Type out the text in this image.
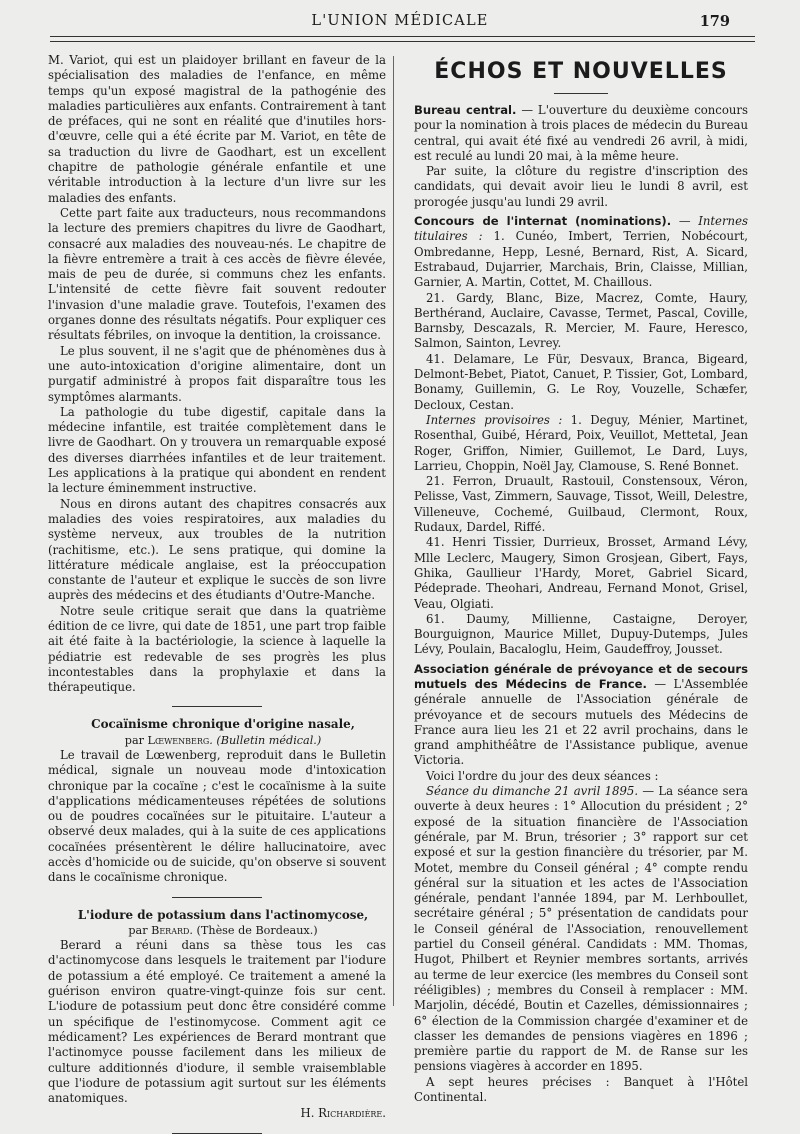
L'UNION MÉDICALE	179

M. Variot, qui est un plaidoyer brillant en faveur de la spécialisation des maladies de l'enfance, en même temps qu'un exposé magistral de la pathogénie des maladies particulières aux enfants. Contrairement à tant de préfaces, qui ne sont en réalité que d'inutiles hors-d'œuvre, celle qui a été écrite par M. Variot, en tête de sa traduction du livre de Gaodhart, est un excellent chapitre de pathologie générale enfantile et une véritable introduction à la lecture d'un livre sur les maladies des enfants.

Cette part faite aux traducteurs, nous recommandons la lecture des premiers chapitres du livre de Gaodhart, consacré aux maladies des nouveau-nés. Le chapitre de la fièvre entremère a trait à ces accès de fièvre élevée, mais de peu de durée, si communs chez les enfants. L'intensité de cette fièvre fait souvent redouter l'invasion d'une maladie grave. Toutefois, l'examen des organes donne des résultats négatifs. Pour expliquer ces résultats fébriles, on invoque la dentition, la croissance.

Le plus souvent, il ne s'agit que de phénomènes dus à une auto-intoxication d'origine alimentaire, dont un purgatif administré à propos fait disparaître tous les symptômes alarmants.

La pathologie du tube digestif, capitale dans la médecine infantile, est traitée complètement dans le livre de Gaodhart. On y trouvera un remarquable exposé des diverses diarrhées infantiles et de leur traitement. Les applications à la pratique qui abondent en rendent la lecture éminemment instructive.

Nous en dirons autant des chapitres consacrés aux maladies des voies respiratoires, aux maladies du système nerveux, aux troubles de la nutrition (rachitisme, etc.). Le sens pratique, qui domine la littérature médicale anglaise, est la préoccupation constante de l'auteur et explique le succès de son livre auprès des médecins et des étudiants d'Outre-Manche.

Notre seule critique serait que dans la quatrième édition de ce livre, qui date de 1851, une part trop faible ait été faite à la bactériologie, la science à laquelle la pédiatrie est redevable de ses progrès les plus incontestables dans la prophylaxie et dans la thérapeutique.

Cocaïnisme chronique d'origine nasale,

par Lœwenberg. (Bulletin médical.)

Le travail de Lœwenberg, reproduit dans le Bulletin médical, signale un nouveau mode d'intoxication chronique par la cocaïne ; c'est le cocaïnisme à la suite d'applications médicamenteuses répétées de solutions ou de poudres cocaïnées sur le pituitaire. L'auteur a observé deux malades, qui à la suite de ces applications cocaïnées présentèrent le délire hallucinatoire, avec accès d'homicide ou de suicide, qu'on observe si souvent dans le cocaïnisme chronique.

L'iodure de potassium dans l'actinomycose,

par Berard. (Thèse de Bordeaux.)

Berard a réuni dans sa thèse tous les cas d'actinomycose dans lesquels le traitement par l'iodure de potassium a été employé. Ce traitement a amené la guérison environ quatre-vingt-quinze fois sur cent. L'iodure de potassium peut donc être considéré comme un spécifique de l'estinomycose. Comment agit ce médicament? Les expériences de Berard montrant que l'actinomyce pousse facilement dans les milieux de culture additionnés d'iodure, il semble vraisemblable que l'iodure de potassium agit surtout sur les éléments anatomiques.

H. Richardière.

ÉCHOS ET NOUVELLES

Bureau central. — L'ouverture du deuxième concours pour la nomination à trois places de médecin du Bureau central, qui avait été fixé au vendredi 26 avril, à midi, est reculé au lundi 20 mai, à la même heure.

Par suite, la clôture du registre d'inscription des candidats, qui devait avoir lieu le lundi 8 avril, est prorogée jusqu'au lundi 29 avril.

Concours de l'internat (nominations). — Internes titulaires : 1. Cunéo, Imbert, Terrien, Nobécourt, Ombredanne, Hepp, Lesné, Bernard, Rist, A. Sicard, Estrabaud, Dujarrier, Marchais, Brin, Claisse, Millian, Garnier, A. Martin, Cottet, M. Chaillous.

21. Gardy, Blanc, Bize, Macrez, Comte, Haury, Berthérand, Auclaire, Cavasse, Termet, Pascal, Coville, Barnsby, Descazals, R. Mercier, M. Faure, Heresco, Salmon, Sainton, Levrey.

41. Delamare, Le Für, Desvaux, Branca, Bigeard, Delmont-Bebet, Piatot, Canuet, P. Tissier, Got, Lombard, Bonamy, Guillemin, G. Le Roy, Vouzelle, Schæfer, Decloux, Cestan.

Internes provisoires : 1. Deguy, Ménier, Martinet, Rosenthal, Guibé, Hérard, Poix, Veuillot, Mettetal, Jean Roger, Griffon, Nimier, Guillemot, Le Dard, Luys, Larrieu, Choppin, Noël Jay, Clamouse, S. René Bonnet.

21. Ferron, Druault, Rastouil, Constensoux, Véron, Pelisse, Vast, Zimmern, Sauvage, Tissot, Weill, Delestre, Villeneuve, Cochemé, Guilbaud, Clermont, Roux, Rudaux, Dardel, Riffé.

41. Henri Tissier, Durrieux, Brosset, Armand Lévy, Mlle Leclerc, Maugery, Simon Grosjean, Gibert, Fays, Ghika, Gaullieur l'Hardy, Moret, Gabriel Sicard, Pédeprade. Theohari, Andreau, Fernand Monot, Grisel, Veau, Olgiati.

61. Daumy, Millienne, Castaigne, Deroyer, Bourguignon, Maurice Millet, Dupuy-Dutemps, Jules Lévy, Poulain, Bacaloglu, Heim, Gaudeffroy, Jousset.

Association générale de prévoyance et de secours mutuels des Médecins de France. — L'Assemblée générale annuelle de l'Association générale de prévoyance et de secours mutuels des Médecins de France aura lieu les 21 et 22 avril prochains, dans le grand amphithéâtre de l'Assistance publique, avenue Victoria.

Voici l'ordre du jour des deux séances :

Séance du dimanche 21 avril 1895. — La séance sera ouverte à deux heures : 1° Allocution du président ; 2° exposé de la situation financière de l'Association générale, par M. Brun, trésorier ; 3° rapport sur cet exposé et sur la gestion financière du trésorier, par M. Motet, membre du Conseil général ; 4° compte rendu général sur la situation et les actes de l'Association générale, pendant l'année 1894, par M. Lerhboullet, secrétaire général ; 5° présentation de candidats pour le Conseil général de l'Association, renouvellement partiel du Conseil général. Candidats : MM. Thomas, Hugot, Philbert et Reynier membres sortants, arrivés au terme de leur exercice (les membres du Conseil sont rééligibles) ; membres du Conseil à remplacer : MM. Marjolin, décédé, Boutin et Cazelles, démissionnaires ; 6° élection de la Commission chargée d'examiner et de classer les demandes de pensions viagères en 1896 ; première partie du rapport de M. de Ranse sur les pensions viagères à accorder en 1895.

A sept heures précises : Banquet à l'Hôtel Continental.
